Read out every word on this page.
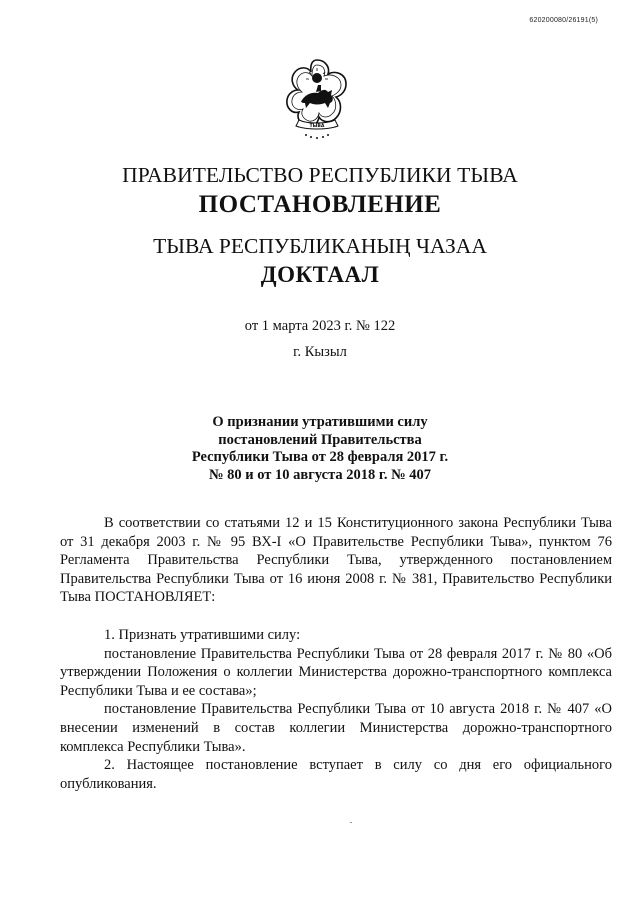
620200080/26191(5)
ТЫВА
ПРАВИТЕЛЬСТВО РЕСПУБЛИКИ ТЫВА
ПОСТАНОВЛЕНИЕ
ТЫВА РЕСПУБЛИКАНЫҢ ЧАЗАА
ДОКТААЛ
от 1 марта 2023 г. № 122
г. Кызыл
О признании утратившими силу
постановлений Правительства
Республики Тыва от 28 февраля 2017 г.
№ 80 и от 10 августа 2018 г. № 407

В соответствии со статьями 12 и 15 Конституционного закона Республики Тыва от 31 декабря 2003 г. № 95 ВХ-I «О Правительстве Республики Тыва», пунктом 76 Регламента Правительства Республики Тыва, утвержденного постановлением Правительства Республики Тыва от 16 июня 2008 г. № 381, Правительство Республики Тыва ПОСТАНОВЛЯЕТ:

1. Признать утратившими силу:

постановление Правительства Республики Тыва от 28 февраля 2017 г. № 80 «Об утверждении Положения о коллегии Министерства дорожно-транспортного комплекса Республики Тыва и ее состава»;

постановление Правительства Республики Тыва от 10 августа 2018 г. № 407 «О внесении изменений в состав коллегии Министерства дорожно-транспортного комплекса Республики Тыва».

2. Настоящее постановление вступает в силу со дня его официального опубликования.
